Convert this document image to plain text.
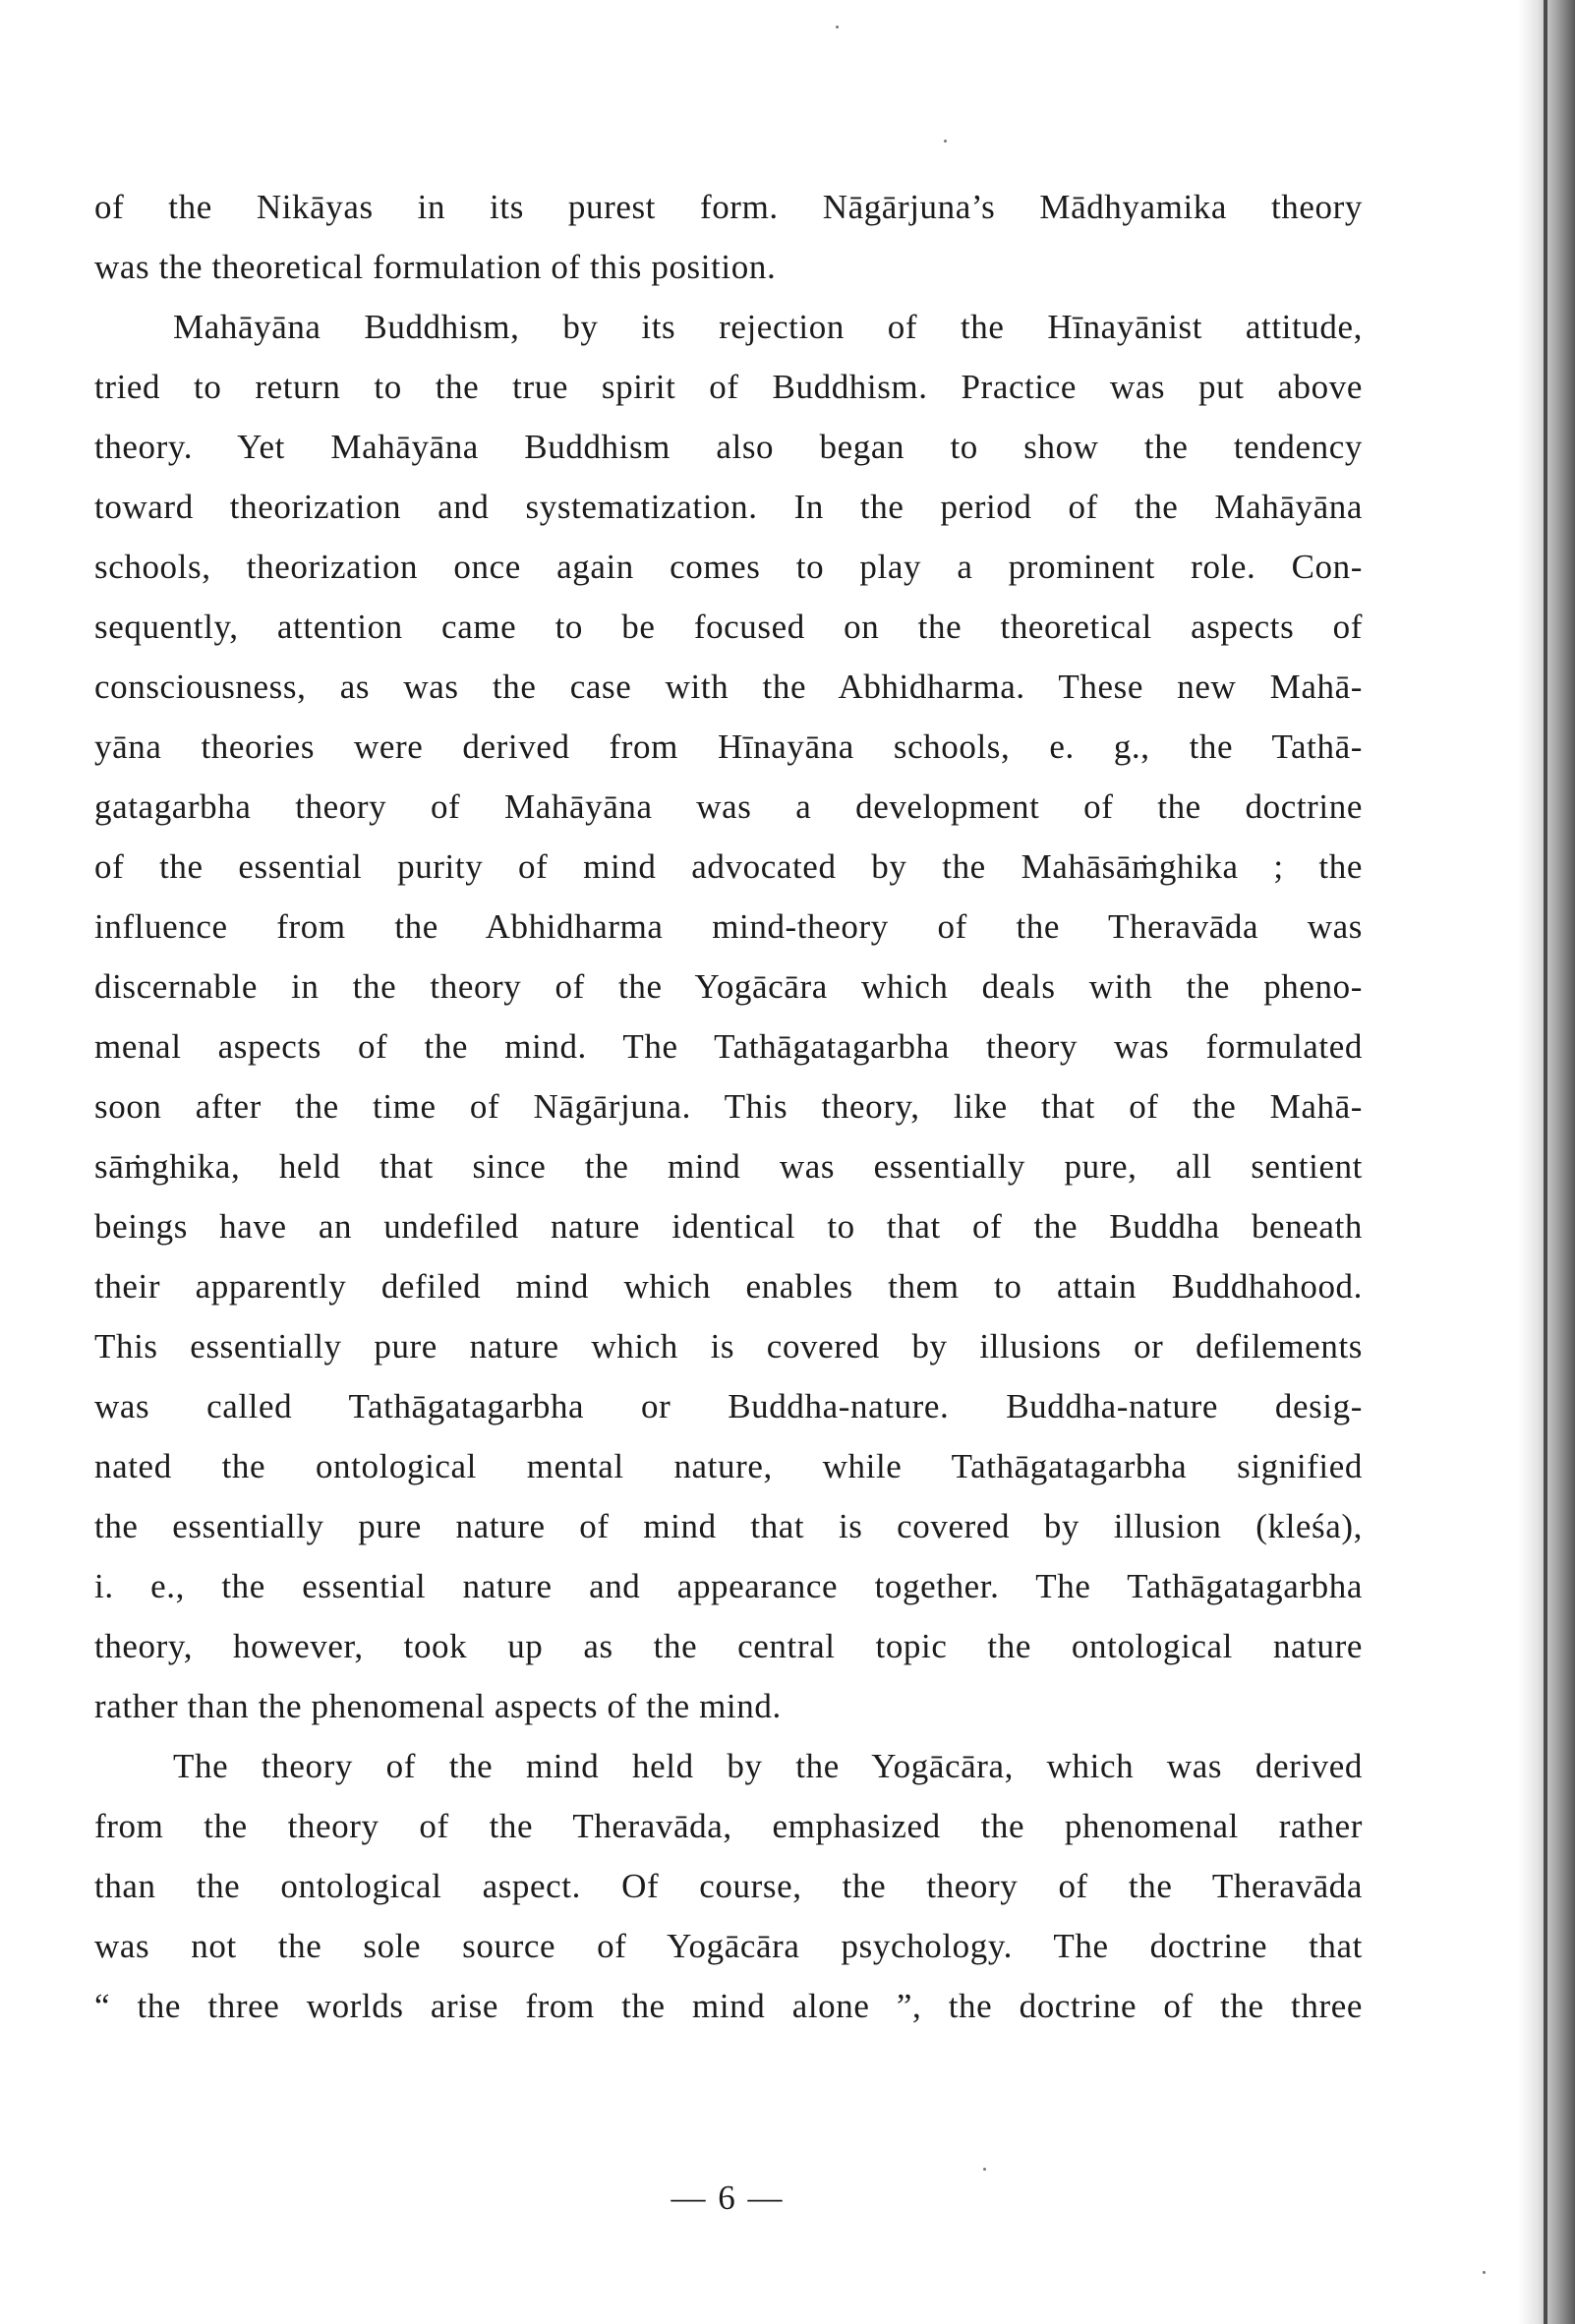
of the Nikāyas in its purest form. Nāgārjuna’s Mādhyamika theory
was the theoretical formulation of this position.
Mahāyāna Buddhism, by its rejection of the Hīnayānist attitude,
tried to return to the true spirit of Buddhism. Practice was put above
theory. Yet Mahāyāna Buddhism also began to show the tendency
toward theorization and systematization. In the period of the Mahāyāna
schools, theorization once again comes to play a prominent role. Con-
sequently, attention came to be focused on the theoretical aspects of
consciousness, as was the case with the Abhidharma. These new Mahā-
yāna theories were derived from Hīnayāna schools, e. g., the Tathā-
gatagarbha theory of Mahāyāna was a development of the doctrine
of the essential purity of mind advocated by the Mahāsāṁghika ; the
influence from the Abhidharma mind-theory of the Theravāda was
discernable in the theory of the Yogācāra which deals with the pheno-
menal aspects of the mind. The Tathāgatagarbha theory was formulated
soon after the time of Nāgārjuna. This theory, like that of the Mahā-
sāṁghika, held that since the mind was essentially pure, all sentient
beings have an undefiled nature identical to that of the Buddha beneath
their apparently defiled mind which enables them to attain Buddhahood.
This essentially pure nature which is covered by illusions or defilements
was called Tathāgatagarbha or Buddha-nature. Buddha-nature desig-
nated the ontological mental nature, while Tathāgatagarbha signified
the essentially pure nature of mind that is covered by illusion (kleśa),
i. e., the essential nature and appearance together. The Tathāgatagarbha
theory, however, took up as the central topic the ontological nature
rather than the phenomenal aspects of the mind.
The theory of the mind held by the Yogācāra, which was derived
from the theory of the Theravāda, emphasized the phenomenal rather
than the ontological aspect. Of course, the theory of the Theravāda
was not the sole source of Yogācāra psychology. The doctrine that
“ the three worlds arise from the mind alone ”, the doctrine of the three
— 6 —
